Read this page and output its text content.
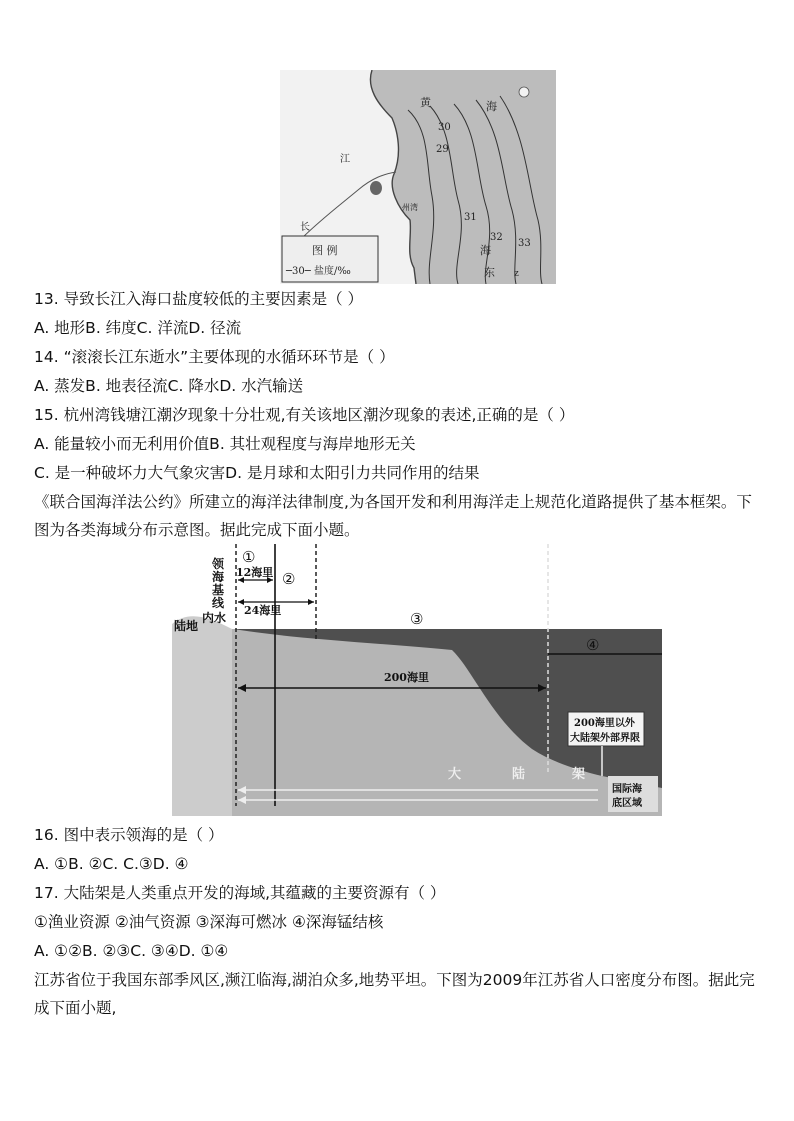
30
29
31
32
33
黄	海
江
长
州湾
海
东 z
图 例
─30─ 盐度/‰
13. 导致长江入海口盐度较低的主要因素是（ ）
A. 地形B. 纬度C. 洋流D. 径流
14. “滚滚长江东逝水”主要体现的水循环环节是（ ）
A. 蒸发B. 地表径流C. 降水D. 水汽输送
15. 杭州湾钱塘江潮汐现象十分壮观,有关该地区潮汐现象的表述,正确的是（ ）
A. 能量较小而无利用价值B. 其壮观程度与海岸地形无关
C. 是一种破坏力大气象灾害D. 是月球和太阳引力共同作用的结果
《联合国海洋法公约》所建立的海洋法律制度,为各国开发和利用海洋走上规范化道路提供了基本框架。下图为各类海域分布示意图。据此完成下面小题。
①
②
③
④
12海里
24海里
200海里
陆地
内水
200海里以外
大陆架外部界限
大	陆	架
国际海
底区域
领海基线
16. 图中表示领海的是（ ）
A. ①B. ②C. C.③D. ④
17. 大陆架是人类重点开发的海域,其蕴藏的主要资源有（ ）
①渔业资源 ②油气资源 ③深海可燃冰 ④深海锰结核
A. ①②B. ②③C. ③④D. ①④
江苏省位于我国东部季风区,濒江临海,湖泊众多,地势平坦。下图为2009年江苏省人口密度分布图。据此完成下面小题,
